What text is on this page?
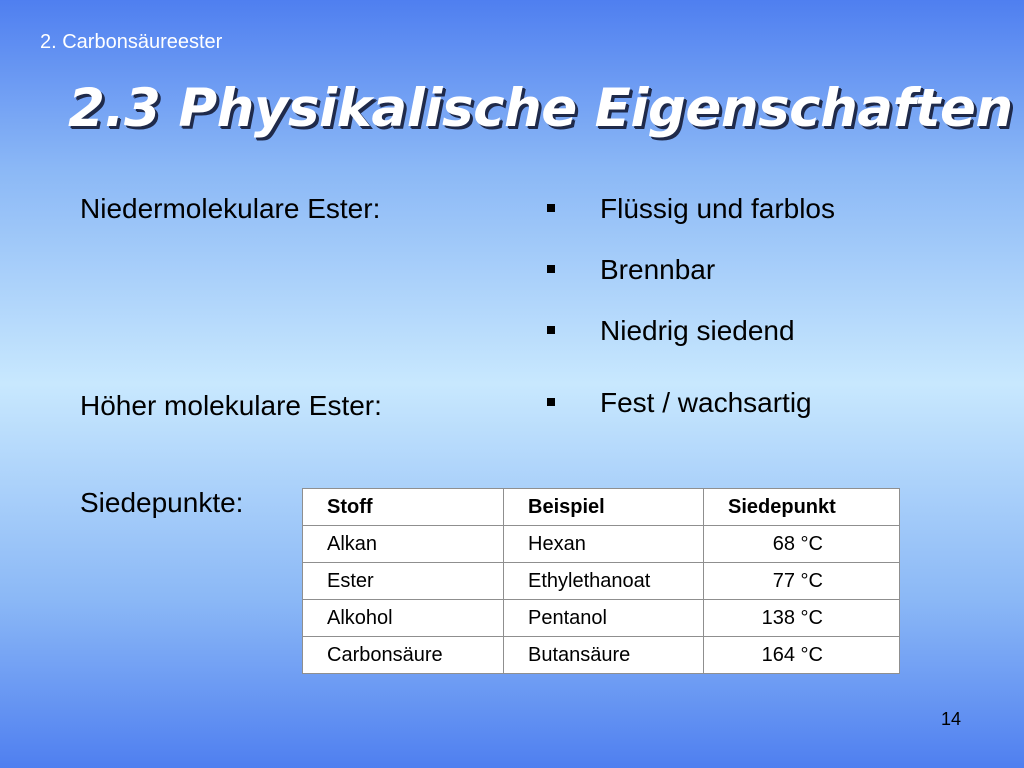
2. Carbonsäureester
2.3 Physikalische Eigenschaften
Niedermolekulare Ester:	Flüssig und farblos
Brennbar
Niedrig siedend
Höher molekulare Ester:	Fest / wachsartig
Siedepunkte:	Stoff	Beispiel	Siedepunkt
Alkan	Hexan	68 °C
Ester	Ethylethanoat	77 °C
Alkohol	Pentanol	138 °C
Carbonsäure	Butansäure	164 °C
14
